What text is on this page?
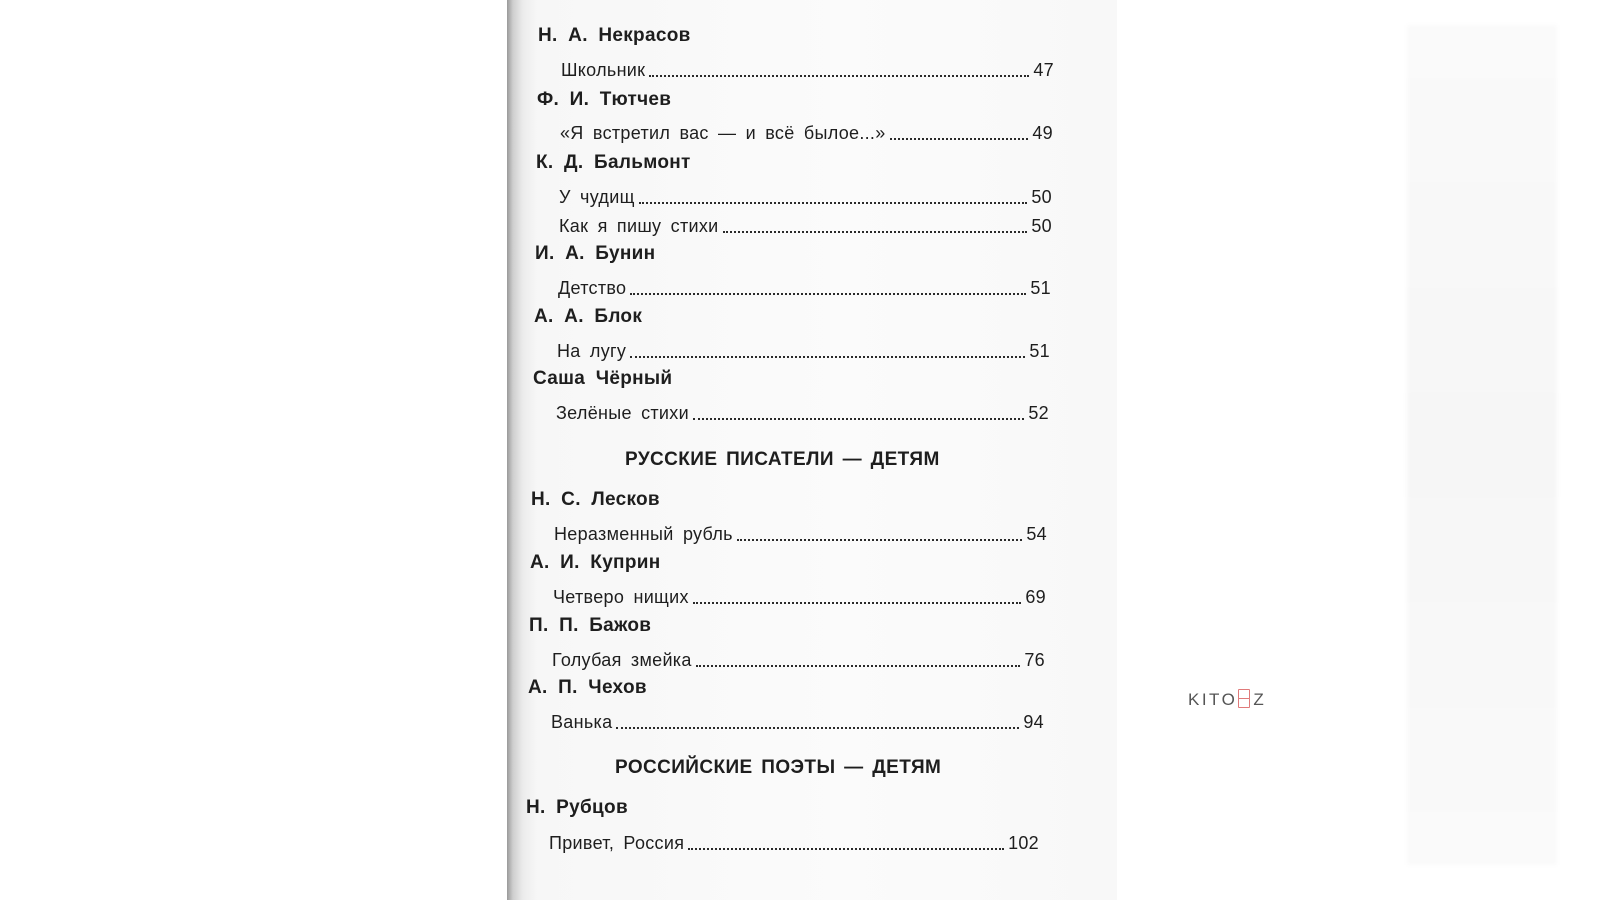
Н. А. Некрасов
Школьник	47
Ф. И. Тютчев
«Я встретил вас — и всё былое...»	49
К. Д. Бальмонт
У чудищ	50
Как я пишу стихи	50
И. А. Бунин
Детство	51
А. А. Блок
На лугу	51
Саша Чёрный
Зелёные стихи	52
РУССКИЕ ПИСАТЕЛИ — ДЕТЯМ
Н. С. Лесков
Неразменный рубль	54
А. И. Куприн
Четверо нищих	69
П. П. Бажов
Голубая змейка	76
А. П. Чехов
Ванька	94
РОССИЙСКИЕ ПОЭТЫ — ДЕТЯМ
Н. Рубцов
Привет, Россия	102
KITO Z
